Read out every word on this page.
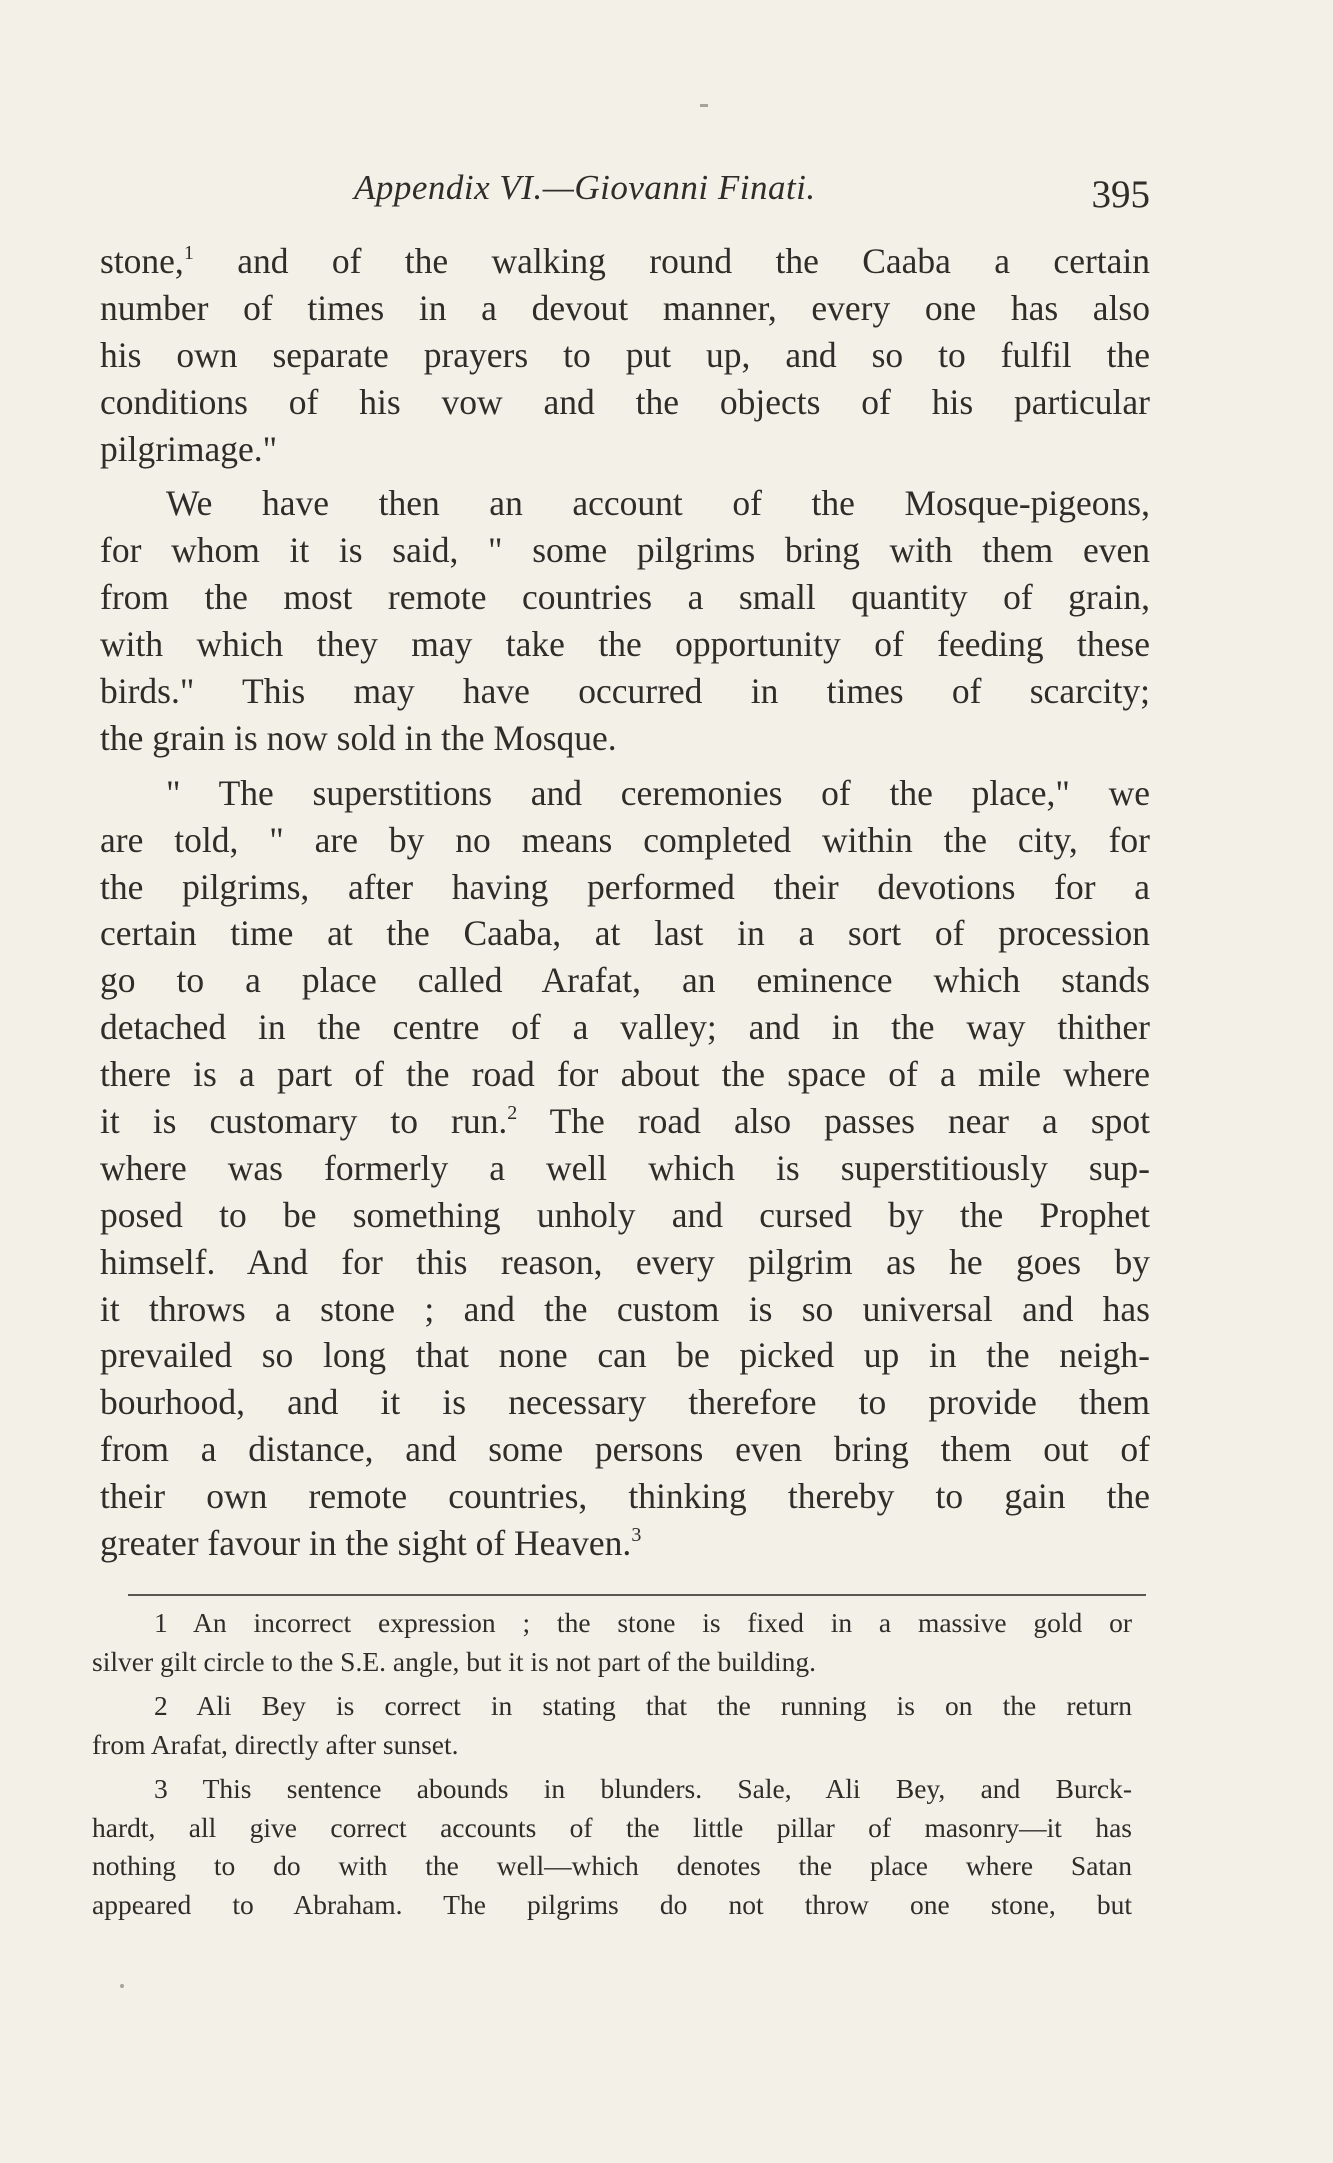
Appendix VI.—Giovanni Finati.	395
stone,$^1$ and of the walking round the Caaba a certain
number of times in a devout manner, every one has also
his own separate prayers to put up, and so to fulfil the
conditions of his vow and the objects of his particular
pilgrimage."
We have then an account of the Mosque-pigeons,
for whom it is said, " some pilgrims bring with them even
from the most remote countries a small quantity of grain,
with which they may take the opportunity of feeding these
birds." This may have occurred in times of scarcity;
the grain is now sold in the Mosque.
" The superstitions and ceremonies of the place," we
are told, " are by no means completed within the city, for
the pilgrims, after having performed their devotions for a
certain time at the Caaba, at last in a sort of procession
go to a place called Arafat, an eminence which stands
detached in the centre of a valley; and in the way thither
there is a part of the road for about the space of a mile where
it is customary to run.$^2$ The road also passes near a spot
where was formerly a well which is superstitiously sup-
posed to be something unholy and cursed by the Prophet
himself. And for this reason, every pilgrim as he goes by
it throws a stone ; and the custom is so universal and has
prevailed so long that none can be picked up in the neigh-
bourhood, and it is necessary therefore to provide them
from a distance, and some persons even bring them out of
their own remote countries, thinking thereby to gain the
greater favour in the sight of Heaven.$^3$
1 An incorrect expression ; the stone is fixed in a massive gold or
silver gilt circle to the S.E. angle, but it is not part of the building.
2 Ali Bey is correct in stating that the running is on the return
from Arafat, directly after sunset.
3 This sentence abounds in blunders. Sale, Ali Bey, and Burck-
hardt, all give correct accounts of the little pillar of masonry—it has
nothing to do with the well—which denotes the place where Satan
appeared to Abraham. The pilgrims do not throw one stone, but
